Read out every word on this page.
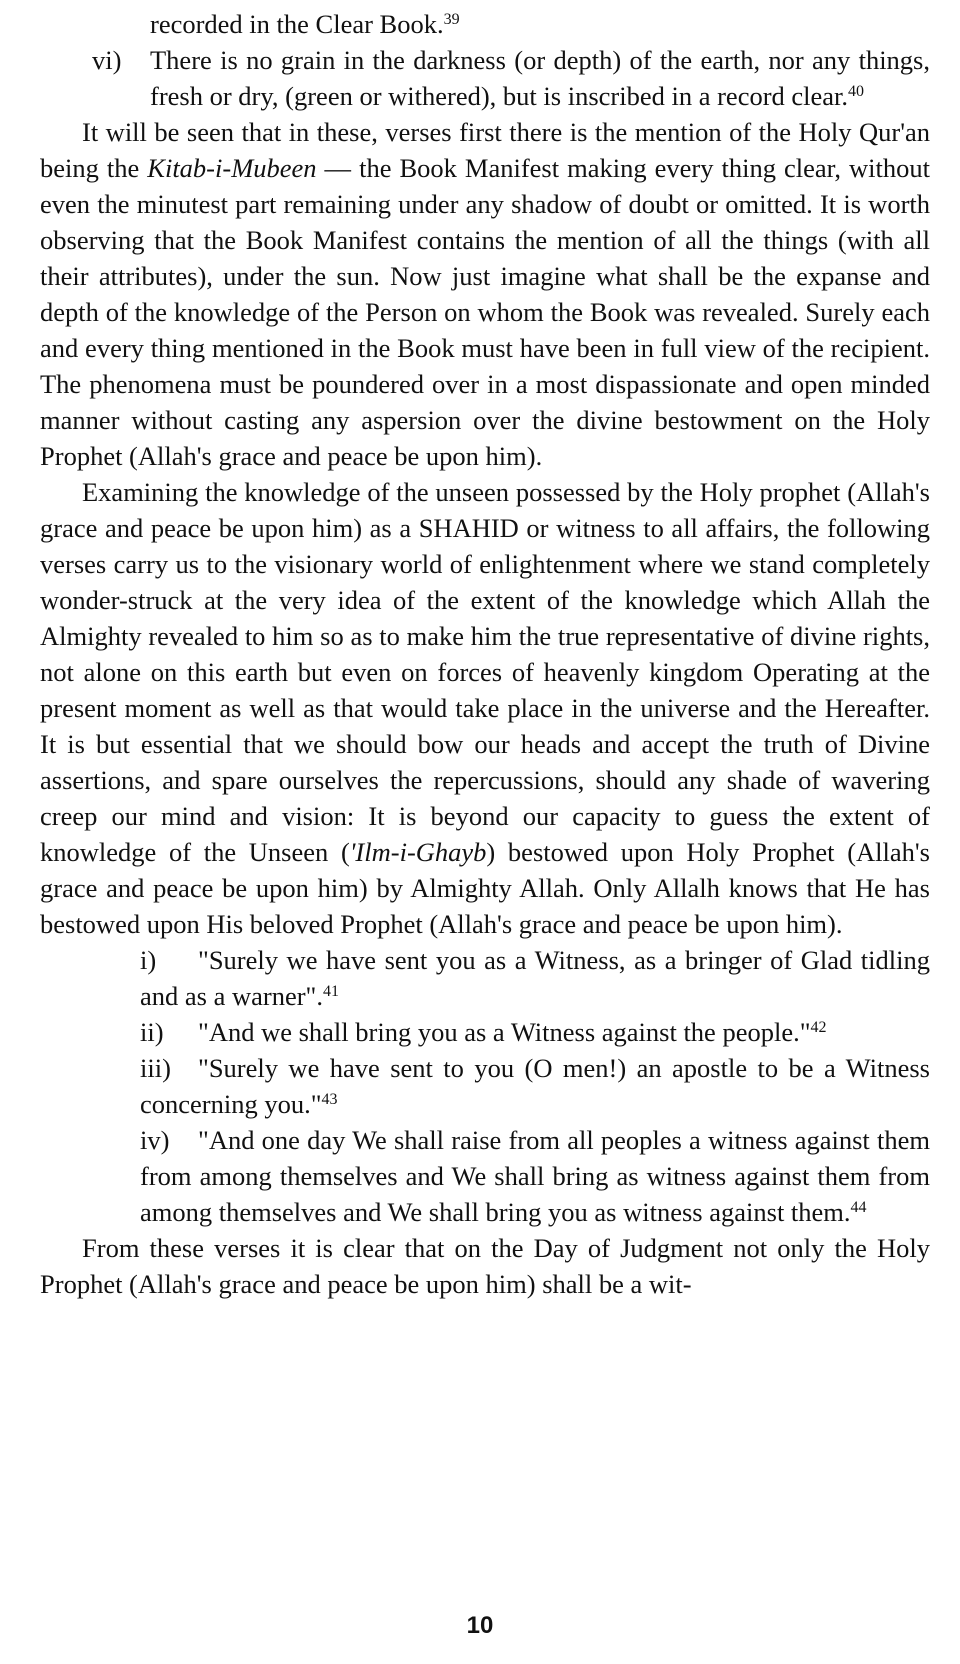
recorded in the Clear Book.$^{39}$

vi) There is no grain in the darkness (or depth) of the earth, nor any things, fresh or dry, (green or withered), but is inscribed in a record clear.$^{40}$

It will be seen that in these, verses first there is the mention of the Holy Qur'an being the Kitab-i-Mubeen — the Book Manifest making every thing clear, without even the minutest part remaining under any shadow of doubt or omitted. It is worth observing that the Book Manifest contains the mention of all the things (with all their attributes), under the sun. Now just imagine what shall be the expanse and depth of the knowledge of the Person on whom the Book was revealed. Surely each and every thing mentioned in the Book must have been in full view of the recipient. The phenomena must be poundered over in a most dispassionate and open minded manner without casting any aspersion over the divine bestowment on the Holy Prophet (Allah's grace and peace be upon him).

Examining the knowledge of the unseen possessed by the Holy prophet (Allah's grace and peace be upon him) as a SHAHID or witness to all affairs, the following verses carry us to the visionary world of enlightenment where we stand completely wonder-struck at the very idea of the extent of the knowledge which Allah the Almighty revealed to him so as to make him the true representative of divine rights, not alone on this earth but even on forces of heavenly kingdom Operating at the present moment as well as that would take place in the universe and the Hereafter. It is but essential that we should bow our heads and accept the truth of Divine assertions, and spare ourselves the repercussions, should any shade of wavering creep our mind and vision: It is beyond our capacity to guess the extent of knowledge of the Unseen ('Ilm-i-Ghayb) bestowed upon Holy Prophet (Allah's grace and peace be upon him) by Almighty Allah. Only Allalh knows that He has bestowed upon His beloved Prophet (Allah's grace and peace be upon him).

i) "Surely we have sent you as a Witness, as a bringer of Glad tidling and as a warner".$^{41}$

ii) "And we shall bring you as a Witness against the people."$^{42}$

iii) "Surely we have sent to you (O men!) an apostle to be a Witness concerning you."$^{43}$

iv) "And one day We shall raise from all peoples a witness against them from among themselves and We shall bring as witness against them from among themselves and We shall bring you as witness against them.$^{44}$

From these verses it is clear that on the Day of Judgment not only the Holy Prophet (Allah's grace and peace be upon him) shall be a wit-

10
